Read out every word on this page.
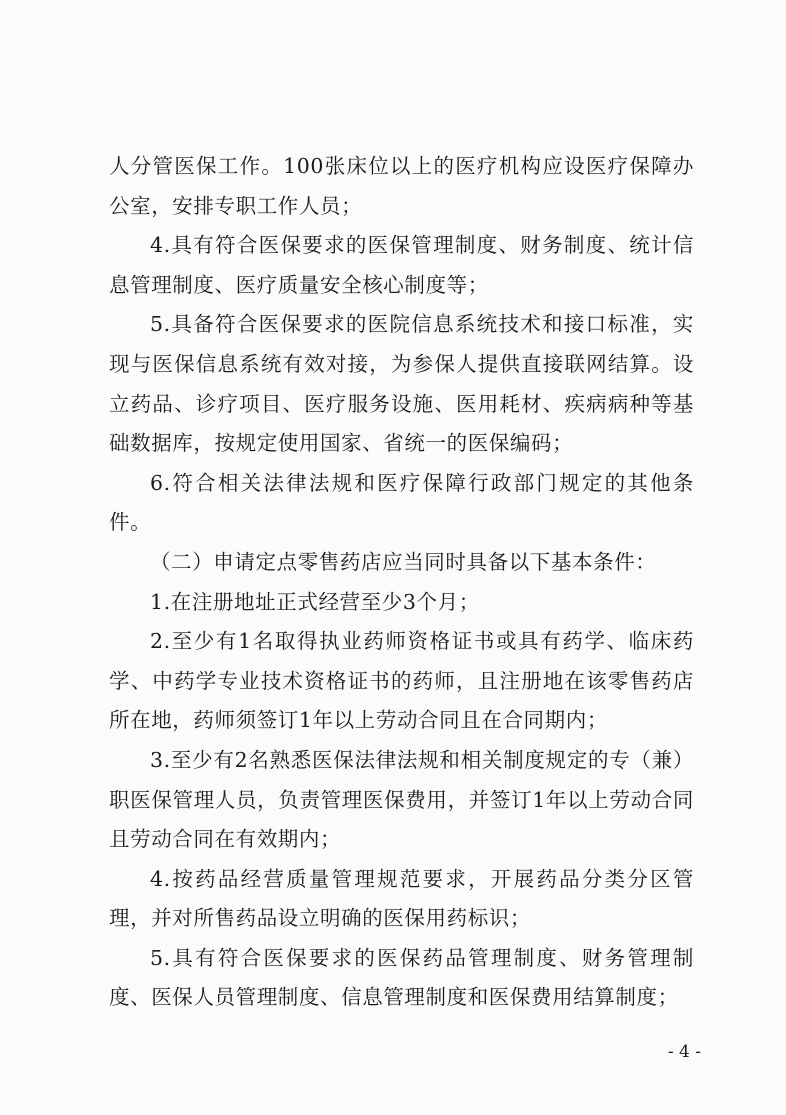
人分管医保工作。100张床位以上的医疗机构应设医疗保障办公室，安排专职工作人员；

4.具有符合医保要求的医保管理制度、财务制度、统计信息管理制度、医疗质量安全核心制度等；

5.具备符合医保要求的医院信息系统技术和接口标准，实现与医保信息系统有效对接，为参保人提供直接联网结算。设立药品、诊疗项目、医疗服务设施、医用耗材、疾病病种等基础数据库，按规定使用国家、省统一的医保编码；

6.符合相关法律法规和医疗保障行政部门规定的其他条件。

（二）申请定点零售药店应当同时具备以下基本条件：

1.在注册地址正式经营至少3个月；

2.至少有1名取得执业药师资格证书或具有药学、临床药学、中药学专业技术资格证书的药师，且注册地在该零售药店所在地，药师须签订1年以上劳动合同且在合同期内；

3.至少有2名熟悉医保法律法规和相关制度规定的专（兼）职医保管理人员，负责管理医保费用，并签订1年以上劳动合同且劳动合同在有效期内；

4.按药品经营质量管理规范要求，开展药品分类分区管理，并对所售药品设立明确的医保用药标识；

5.具有符合医保要求的医保药品管理制度、财务管理制度、医保人员管理制度、信息管理制度和医保费用结算制度；

- 4 -
